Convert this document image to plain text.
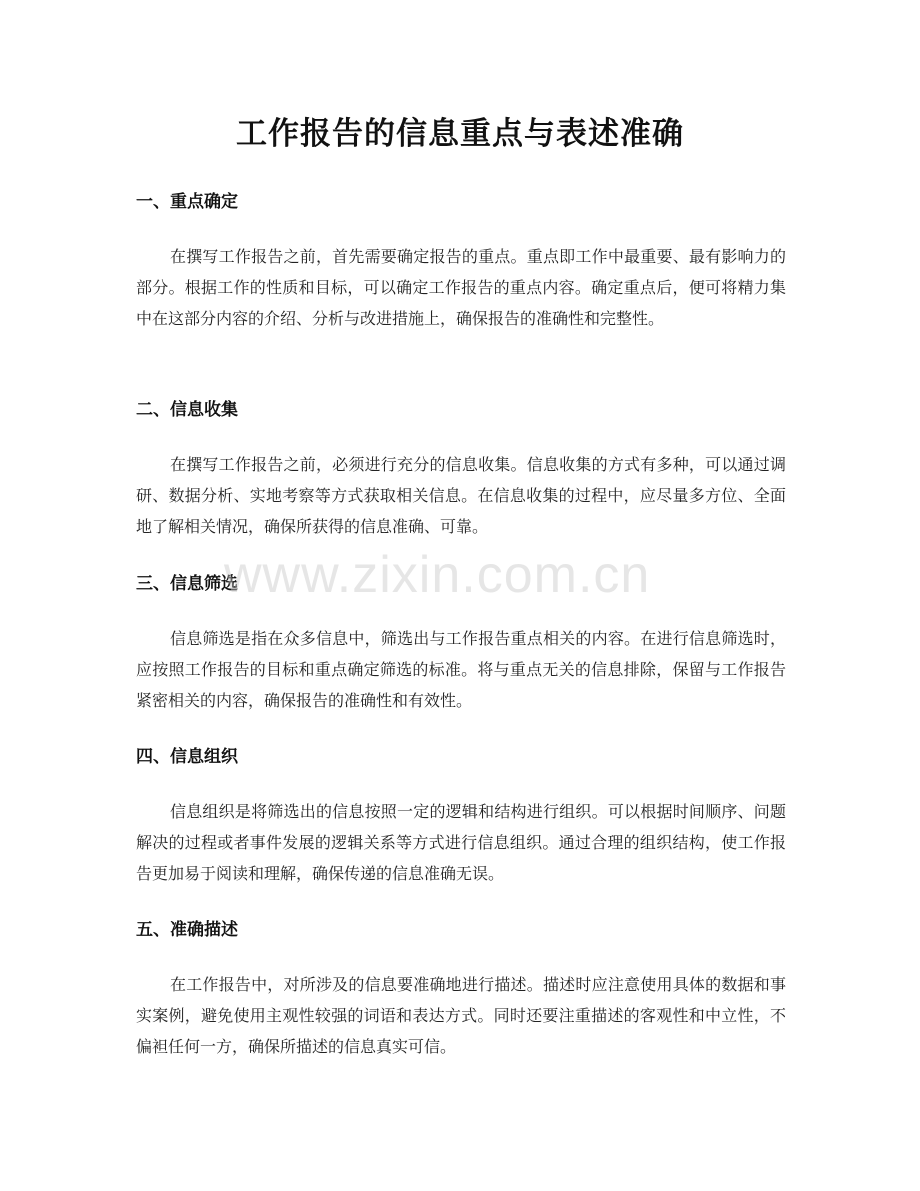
工作报告的信息重点与表述准确
一、重点确定

在撰写工作报告之前，首先需要确定报告的重点。重点即工作中最重要、最有影响力的部分。根据工作的性质和目标，可以确定工作报告的重点内容。确定重点后，便可将精力集中在这部分内容的介绍、分析与改进措施上，确保报告的准确性和完整性。

二、信息收集

在撰写工作报告之前，必须进行充分的信息收集。信息收集的方式有多种，可以通过调研、数据分析、实地考察等方式获取相关信息。在信息收集的过程中，应尽量多方位、全面地了解相关情况，确保所获得的信息准确、可靠。

三、信息筛选

信息筛选是指在众多信息中，筛选出与工作报告重点相关的内容。在进行信息筛选时，应按照工作报告的目标和重点确定筛选的标准。将与重点无关的信息排除，保留与工作报告紧密相关的内容，确保报告的准确性和有效性。

四、信息组织

信息组织是将筛选出的信息按照一定的逻辑和结构进行组织。可以根据时间顺序、问题解决的过程或者事件发展的逻辑关系等方式进行信息组织。通过合理的组织结构，使工作报告更加易于阅读和理解，确保传递的信息准确无误。

五、准确描述

在工作报告中，对所涉及的信息要准确地进行描述。描述时应注意使用具体的数据和事实案例，避免使用主观性较强的词语和表达方式。同时还要注重描述的客观性和中立性，不偏袒任何一方，确保所描述的信息真实可信。

www.zixin.com.cn
